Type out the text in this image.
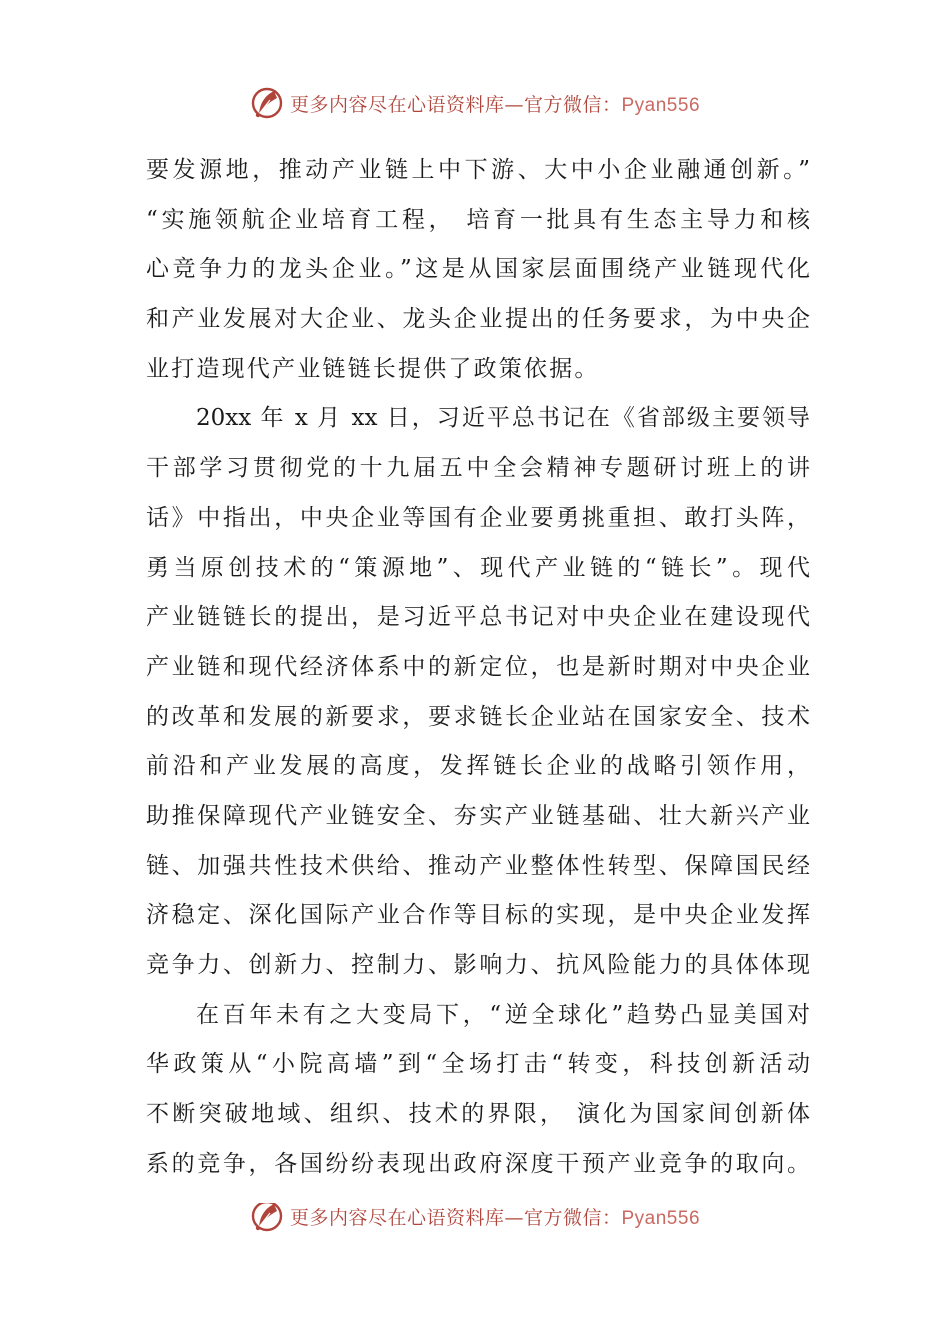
更多内容尽在心语资料库—官方微信：Pyan556
要发源地，推动产业链上中下游、大中小企业融通创新。”
“实施领航企业培育工程， 培育一批具有生态主导力和核
心竞争力的龙头企业。”这是从国家层面围绕产业链现代化
和产业发展对大企业、龙头企业提出的任务要求，为中央企
业打造现代产业链链长提供了政策依据。
20xx 年 x 月 xx 日，习近平总书记在《省部级主要领导
干部学习贯彻党的十九届五中全会精神专题研讨班上的讲
话》中指出，中央企业等国有企业要勇挑重担、敢打头阵，
勇当原创技术的“策源地”、现代产业链的“链长”。现代
产业链链长的提出，是习近平总书记对中央企业在建设现代
产业链和现代经济体系中的新定位，也是新时期对中央企业
的改革和发展的新要求，要求链长企业站在国家安全、技术
前沿和产业发展的高度，发挥链长企业的战略引领作用，
助推保障现代产业链安全、夯实产业链基础、壮大新兴产业
链、加强共性技术供给、推动产业整体性转型、保障国民经
济稳定、深化国际产业合作等目标的实现，是中央企业发挥
竞争力、创新力、控制力、影响力、抗风险能力的具体体现
在百年未有之大变局下，“逆全球化”趋势凸显美国对
华政策从“小院高墙”到“全场打击“转变，科技创新活动
不断突破地域、组织、技术的界限， 演化为国家间创新体
系的竞争，各国纷纷表现出政府深度干预产业竞争的取向。
更多内容尽在心语资料库—官方微信：Pyan556
